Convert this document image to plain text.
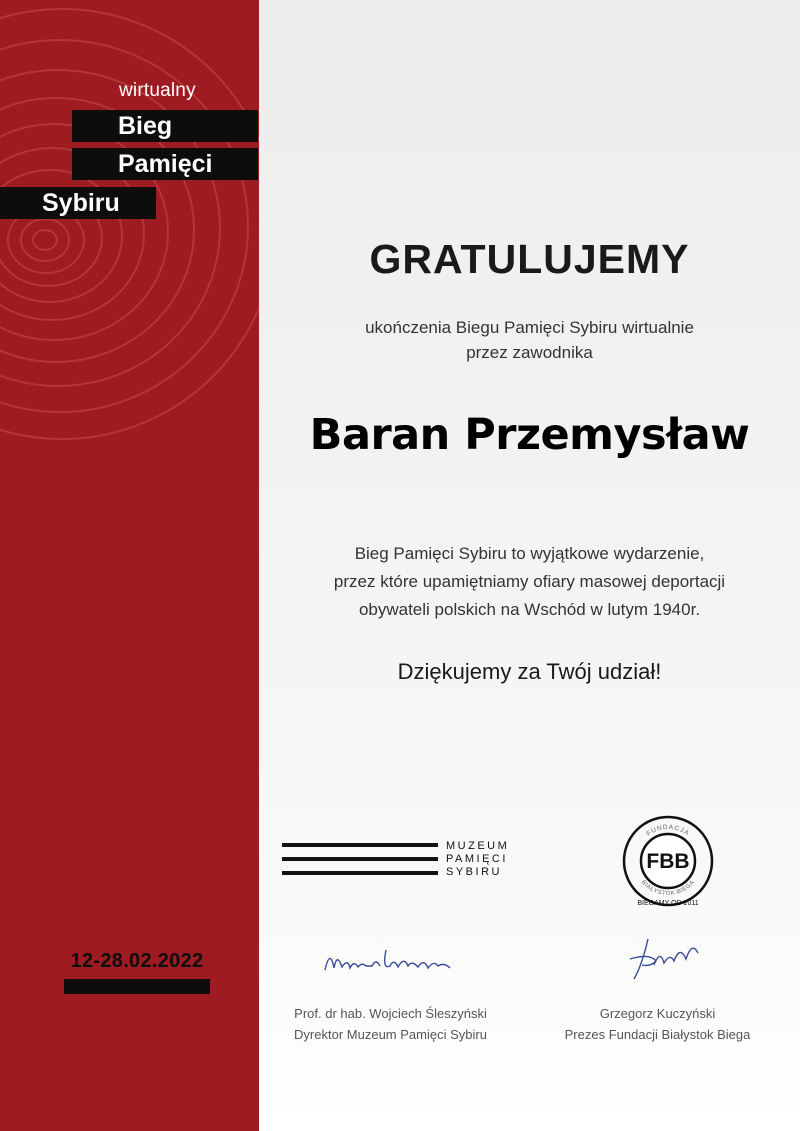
wirtualny
Bieg
Pamięci
Sybiru
12-28.02.2022
GRATULUJEMY
ukończenia Biegu Pamięci Sybiru wirtualnie
przez zawodnika
Baran Przemysław
Bieg Pamięci Sybiru to wyjątkowe wydarzenie,
przez które upamiętniamy ofiary masowej deportacji
obywateli polskich na Wschód w lutym 1940r.
Dziękujemy za Twój udział!
MUZEUM
PAMIĘCI
SYBIRU	FBB
FUNDACJA
BIAŁYSTOK BIEGA
BIEGAMY OD 2011
Prof. dr hab. Wojciech Śleszyński
Dyrektor Muzeum Pamięci Sybiru
Grzegorz Kuczyński
Prezes Fundacji Białystok Biega
